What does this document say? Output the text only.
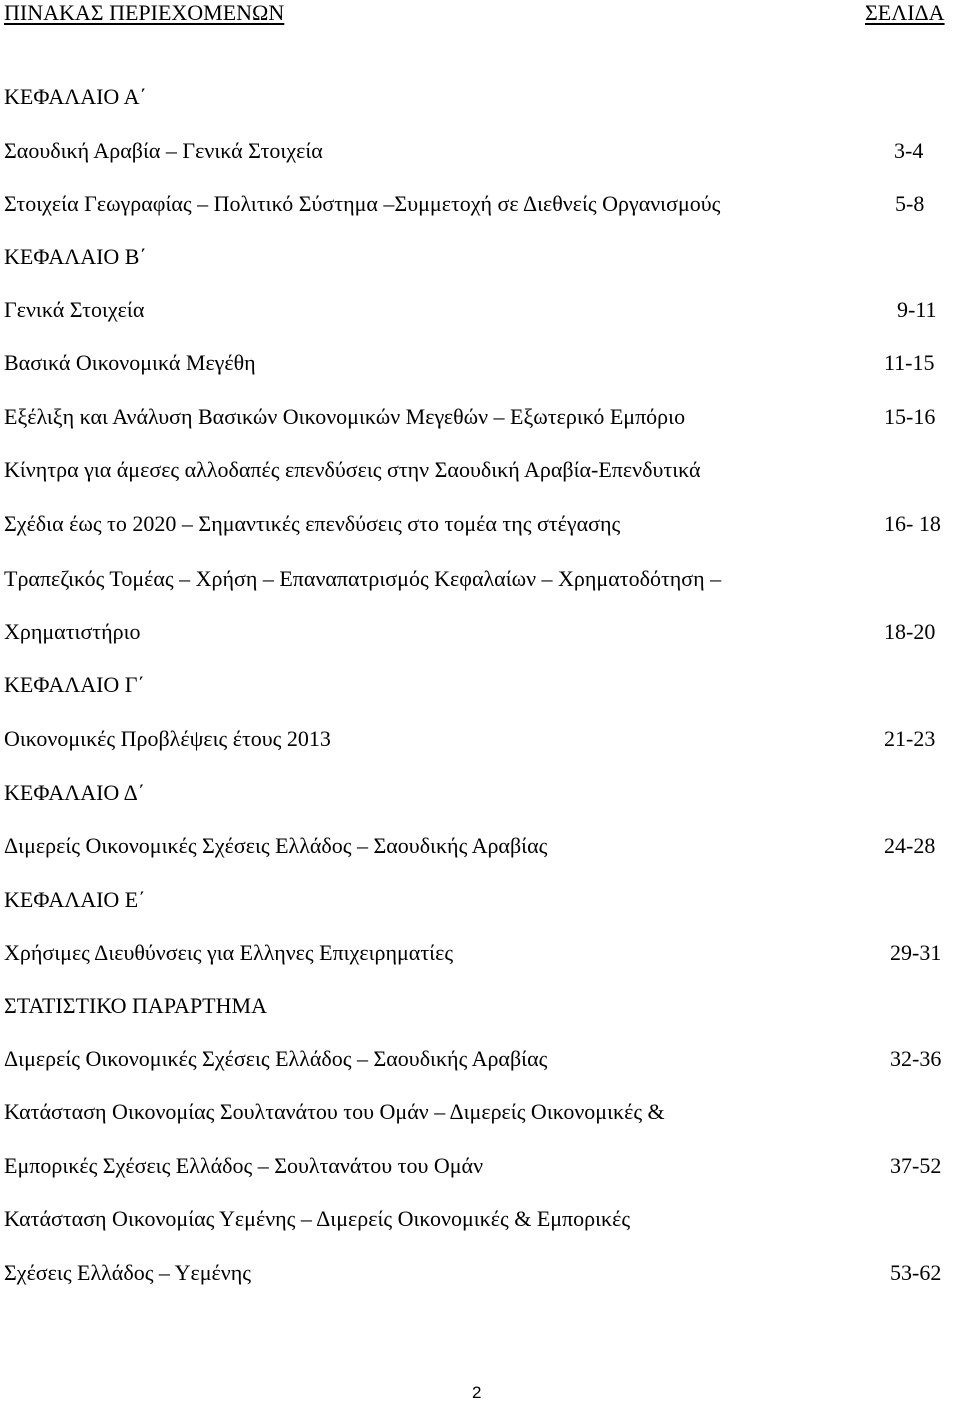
ΠΙΝΑΚΑΣ ΠΕΡΙΕΧΟΜΕΝΩΝ	ΣΕΛΙΔΑ
ΚΕΦΑΛΑΙΟ Α΄
Σαουδική Αραβία – Γενικά Στοιχεία	3-4
Στοιχεία Γεωγραφίας – Πολιτικό Σύστημα –Συμμετοχή σε Διεθνείς Οργανισμούς	5-8
ΚΕΦΑΛΑΙΟ Β΄
Γενικά Στοιχεία	9-11
Βασικά Οικονομικά Μεγέθη	11-15
Εξέλιξη και Ανάλυση Βασικών Οικονομικών Μεγεθών – Εξωτερικό Εμπόριο	15-16
Κίνητρα για άμεσες αλλοδαπές επενδύσεις στην Σαουδική Αραβία-Επενδυτικά
Σχέδια έως το 2020 – Σημαντικές επενδύσεις στο τομέα της στέγασης	16- 18
Τραπεζικός Τομέας – Χρήση – Επαναπατρισμός Κεφαλαίων – Χρηματοδότηση –
Χρηματιστήριο	18-20
ΚΕΦΑΛΑΙΟ Γ΄
Οικονομικές Προβλέψεις έτους 2013	21-23
ΚΕΦΑΛΑΙΟ Δ΄
Διμερείς Οικονομικές Σχέσεις Ελλάδος – Σαουδικής Αραβίας	24-28
ΚΕΦΑΛΑΙΟ Ε΄
Χρήσιμες Διευθύνσεις για Ελληνες Επιχειρηματίες	29-31
ΣΤΑΤΙΣΤΙΚΟ ΠΑΡΑΡΤΗΜΑ
Διμερείς Οικονομικές Σχέσεις Ελλάδος – Σαουδικής Αραβίας	32-36
Κατάσταση Οικονομίας Σουλτανάτου του Ομάν – Διμερείς Οικονομικές &
Εμπορικές Σχέσεις Ελλάδος – Σουλτανάτου του Ομάν	37-52
Κατάσταση Οικονομίας Υεμένης – Διμερείς Οικονομικές & Εμπορικές
Σχέσεις Ελλάδος – Υεμένης	53-62
2
